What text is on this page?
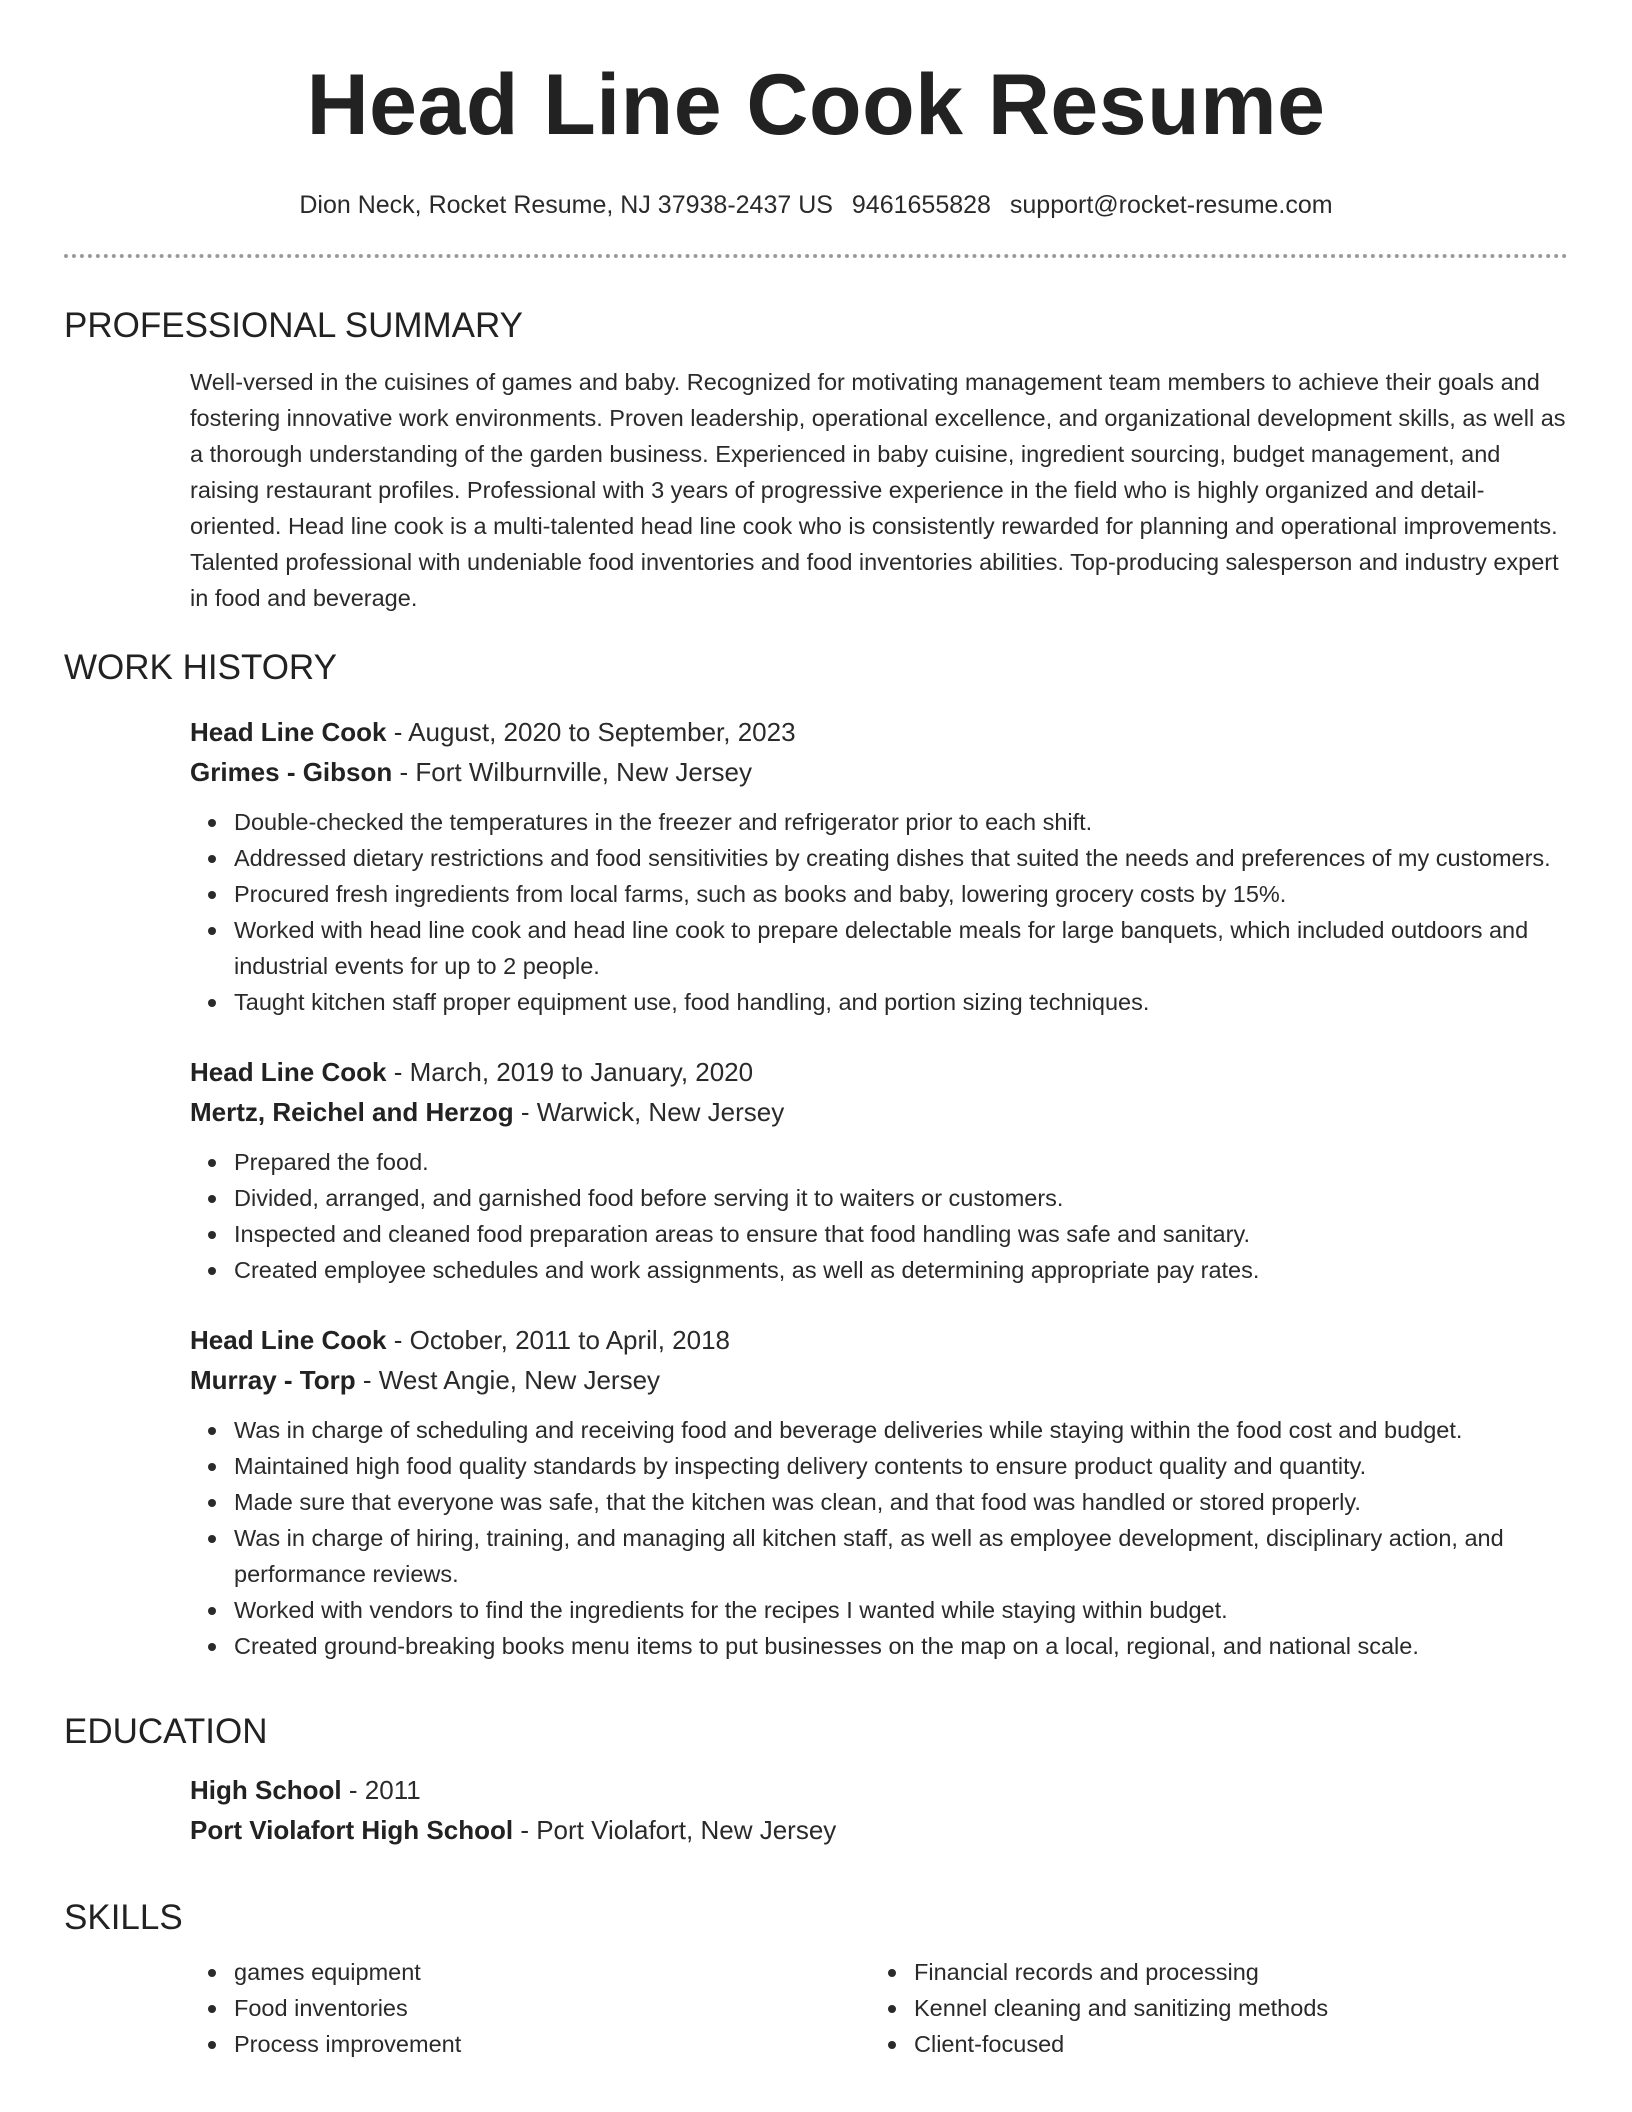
Head Line Cook Resume
Dion Neck, Rocket Resume, NJ 37938-2437 US 9461655828 support@rocket-resume.com
PROFESSIONAL SUMMARY

Well-versed in the cuisines of games and baby. Recognized for motivating management team members to achieve their goals and fostering innovative work environments. Proven leadership, operational excellence, and organizational development skills, as well as a thorough understanding of the garden business. Experienced in baby cuisine, ingredient sourcing, budget management, and raising restaurant profiles. Professional with 3 years of progressive experience in the field who is highly organized and detail-oriented. Head line cook is a multi-talented head line cook who is consistently rewarded for planning and operational improvements. Talented professional with undeniable food inventories and food inventories abilities. Top-producing salesperson and industry expert in food and beverage.

WORK HISTORY
Head Line Cook - August, 2020 to September, 2023
Grimes - Gibson - Fort Wilburnville, New Jersey
Double-checked the temperatures in the freezer and refrigerator prior to each shift.
Addressed dietary restrictions and food sensitivities by creating dishes that suited the needs and preferences of my customers.
Procured fresh ingredients from local farms, such as books and baby, lowering grocery costs by 15%.
Worked with head line cook and head line cook to prepare delectable meals for large banquets, which included outdoors and industrial events for up to 2 people.
Taught kitchen staff proper equipment use, food handling, and portion sizing techniques.
Head Line Cook - March, 2019 to January, 2020
Mertz, Reichel and Herzog - Warwick, New Jersey
Prepared the food.
Divided, arranged, and garnished food before serving it to waiters or customers.
Inspected and cleaned food preparation areas to ensure that food handling was safe and sanitary.
Created employee schedules and work assignments, as well as determining appropriate pay rates.
Head Line Cook - October, 2011 to April, 2018
Murray - Torp - West Angie, New Jersey
Was in charge of scheduling and receiving food and beverage deliveries while staying within the food cost and budget.
Maintained high food quality standards by inspecting delivery contents to ensure product quality and quantity.
Made sure that everyone was safe, that the kitchen was clean, and that food was handled or stored properly.
Was in charge of hiring, training, and managing all kitchen staff, as well as employee development, disciplinary action, and performance reviews.
Worked with vendors to find the ingredients for the recipes I wanted while staying within budget.
Created ground-breaking books menu items to put businesses on the map on a local, regional, and national scale.
EDUCATION
High School - 2011
Port Violafort High School - Port Violafort, New Jersey
SKILLS
games equipment
Food inventories
Process improvement
Financial records and processing
Kennel cleaning and sanitizing methods
Client-focused
